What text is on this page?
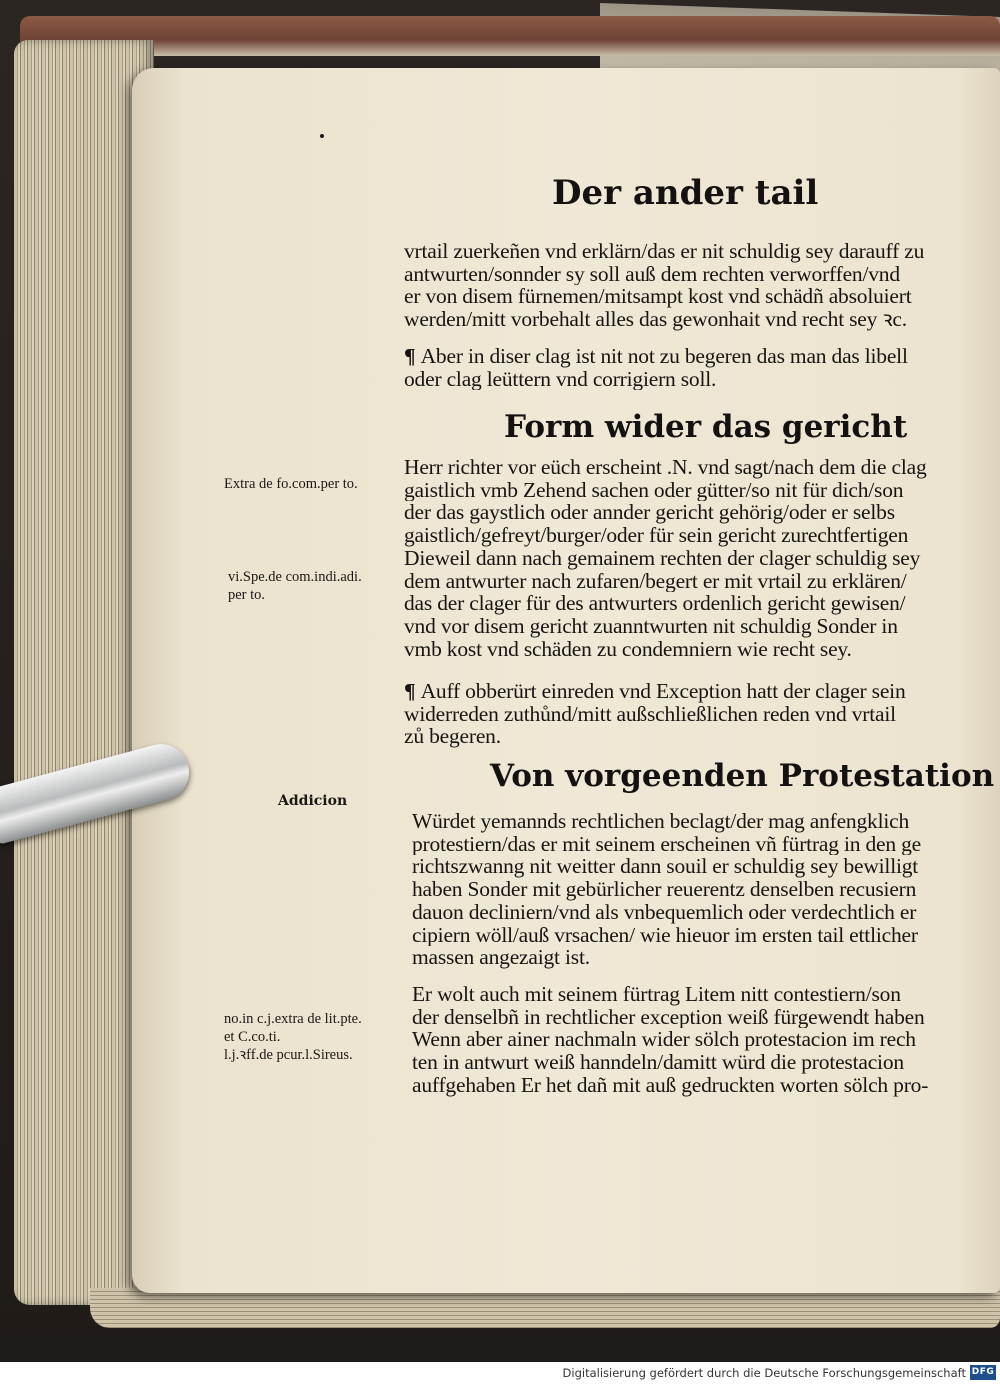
Der ander tail
vrtail zuerkeñen vnd erklärn/das er nit schuldig sey darauff zu
antwurten/sonnder sy soll auß dem rechten verworffen/vnd
er von disem fürnemen/mitsampt kost vnd schädñ absoluiert
werden/mitt vorbehalt alles das gewonhait vnd recht sey ꝛc.
¶ Aber in diser clag ist nit not zu begeren das man das libell
oder clag leüttern vnd corrigiern soll.
Form wider das gericht
Herr richter vor eüch erscheint .N. vnd sagt/nach dem die clag
gaistlich vmb Zehend sachen oder gütter/so nit für dich/son
der das gaystlich oder annder gericht gehörig/oder er selbs
gaistlich/gefreyt/burger/oder für sein gericht zurechtfertigen
Dieweil dann nach gemainem rechten der clager schuldig sey
dem antwurter nach zufaren/begert er mit vrtail zu erklären/
das der clager für des antwurters ordenlich gericht gewisen/
vnd vor disem gericht zuanntwurten nit schuldig Sonder in
vmb kost vnd schäden zu condemniern wie recht sey.
¶ Auff obberürt einreden vnd Exception hatt der clager sein
widerreden zuthůnd/mitt außschließlichen reden vnd vrtail
zů begeren.
Von vorgeenden Protestation
Würdet yemannds rechtlichen beclagt/der mag anfengklich
protestiern/das er mit seinem erscheinen vñ fürtrag in den ge
richtszwanng nit weitter dann souil er schuldig sey bewilligt
haben Sonder mit gebürlicher reuerentz denselben recusiern
dauon decliniern/vnd als vnbequemlich oder verdechtlich er
cipiern wöll/auß vrsachen/ wie hieuor im ersten tail ettlicher
massen angezaigt ist.
Er wolt auch mit seinem fürtrag Litem nitt contestiern/son
der denselbñ in rechtlicher exception weiß fürgewendt haben
Wenn aber ainer nachmaln wider sölch protestacion im rech
ten in antwurt weiß hanndeln/damitt würd die protestacion
auffgehaben Er het dañ mit auß gedruckten worten sölch pro-
Extra de fo.com.per to.
vi.Spe.de com.indi.adi.
per to.
Addicion
no.in c.j.extra de lit.pte.
et C.co.ti.
l.j.ꝛff.de pcur.l.Sireus.
Digitalisierung gefördert durch die Deutsche Forschungsgemeinschaft DFG
